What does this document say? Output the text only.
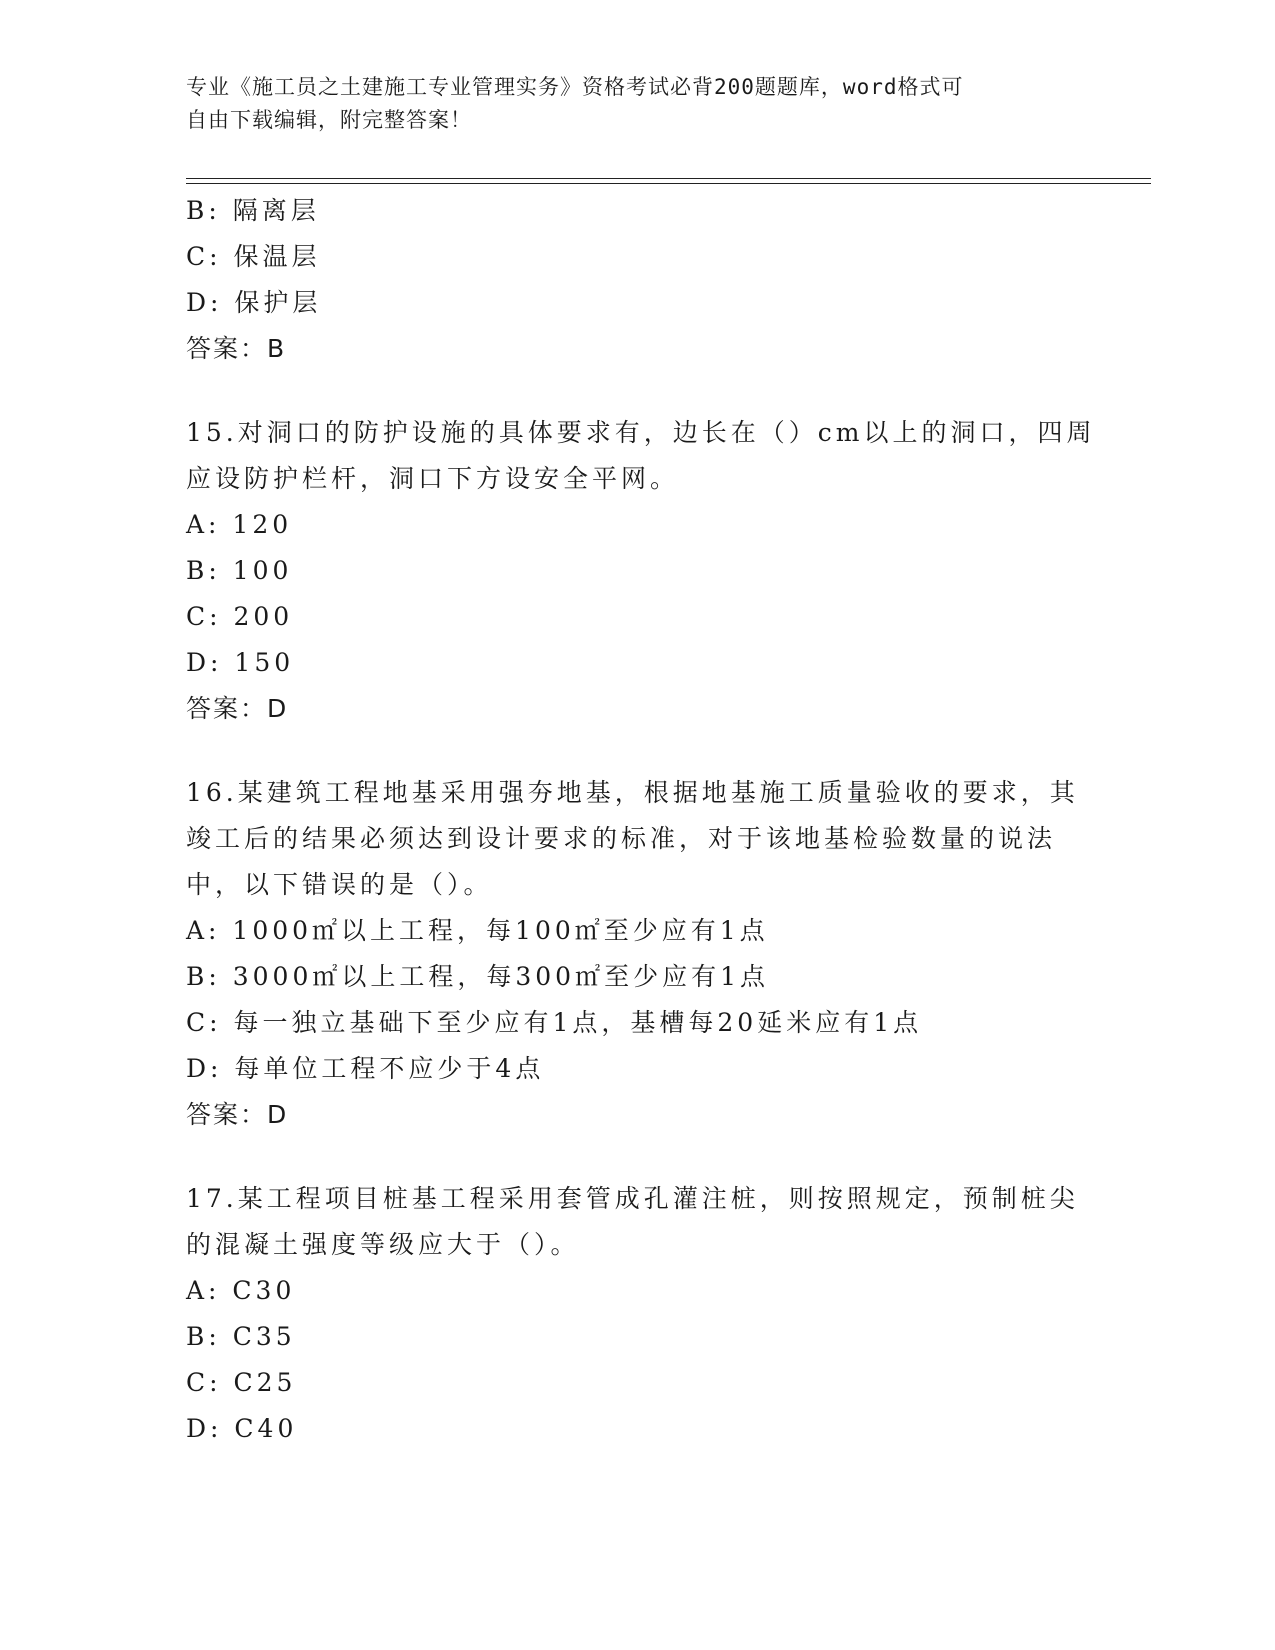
专业《施工员之土建施工专业管理实务》资格考试必背200题题库，word格式可
自由下载编辑，附完整答案！
B: 隔离层
C: 保温层
D: 保护层
答案：B
15.对洞口的防护设施的具体要求有，边长在（）cm以上的洞口，四周
应设防护栏杆，洞口下方设安全平网。
A: 120
B: 100
C: 200
D: 150
答案：D
16.某建筑工程地基采用强夯地基，根据地基施工质量验收的要求，其
竣工后的结果必须达到设计要求的标准，对于该地基检验数量的说法
中，以下错误的是（）。
A: 1000㎡以上工程，每100㎡至少应有1点
B: 3000㎡以上工程，每300㎡至少应有1点
C: 每一独立基础下至少应有1点，基槽每20延米应有1点
D: 每单位工程不应少于4点
答案：D
17.某工程项目桩基工程采用套管成孔灌注桩，则按照规定，预制桩尖
的混凝土强度等级应大于（）。
A: C30
B: C35
C: C25
D: C40
